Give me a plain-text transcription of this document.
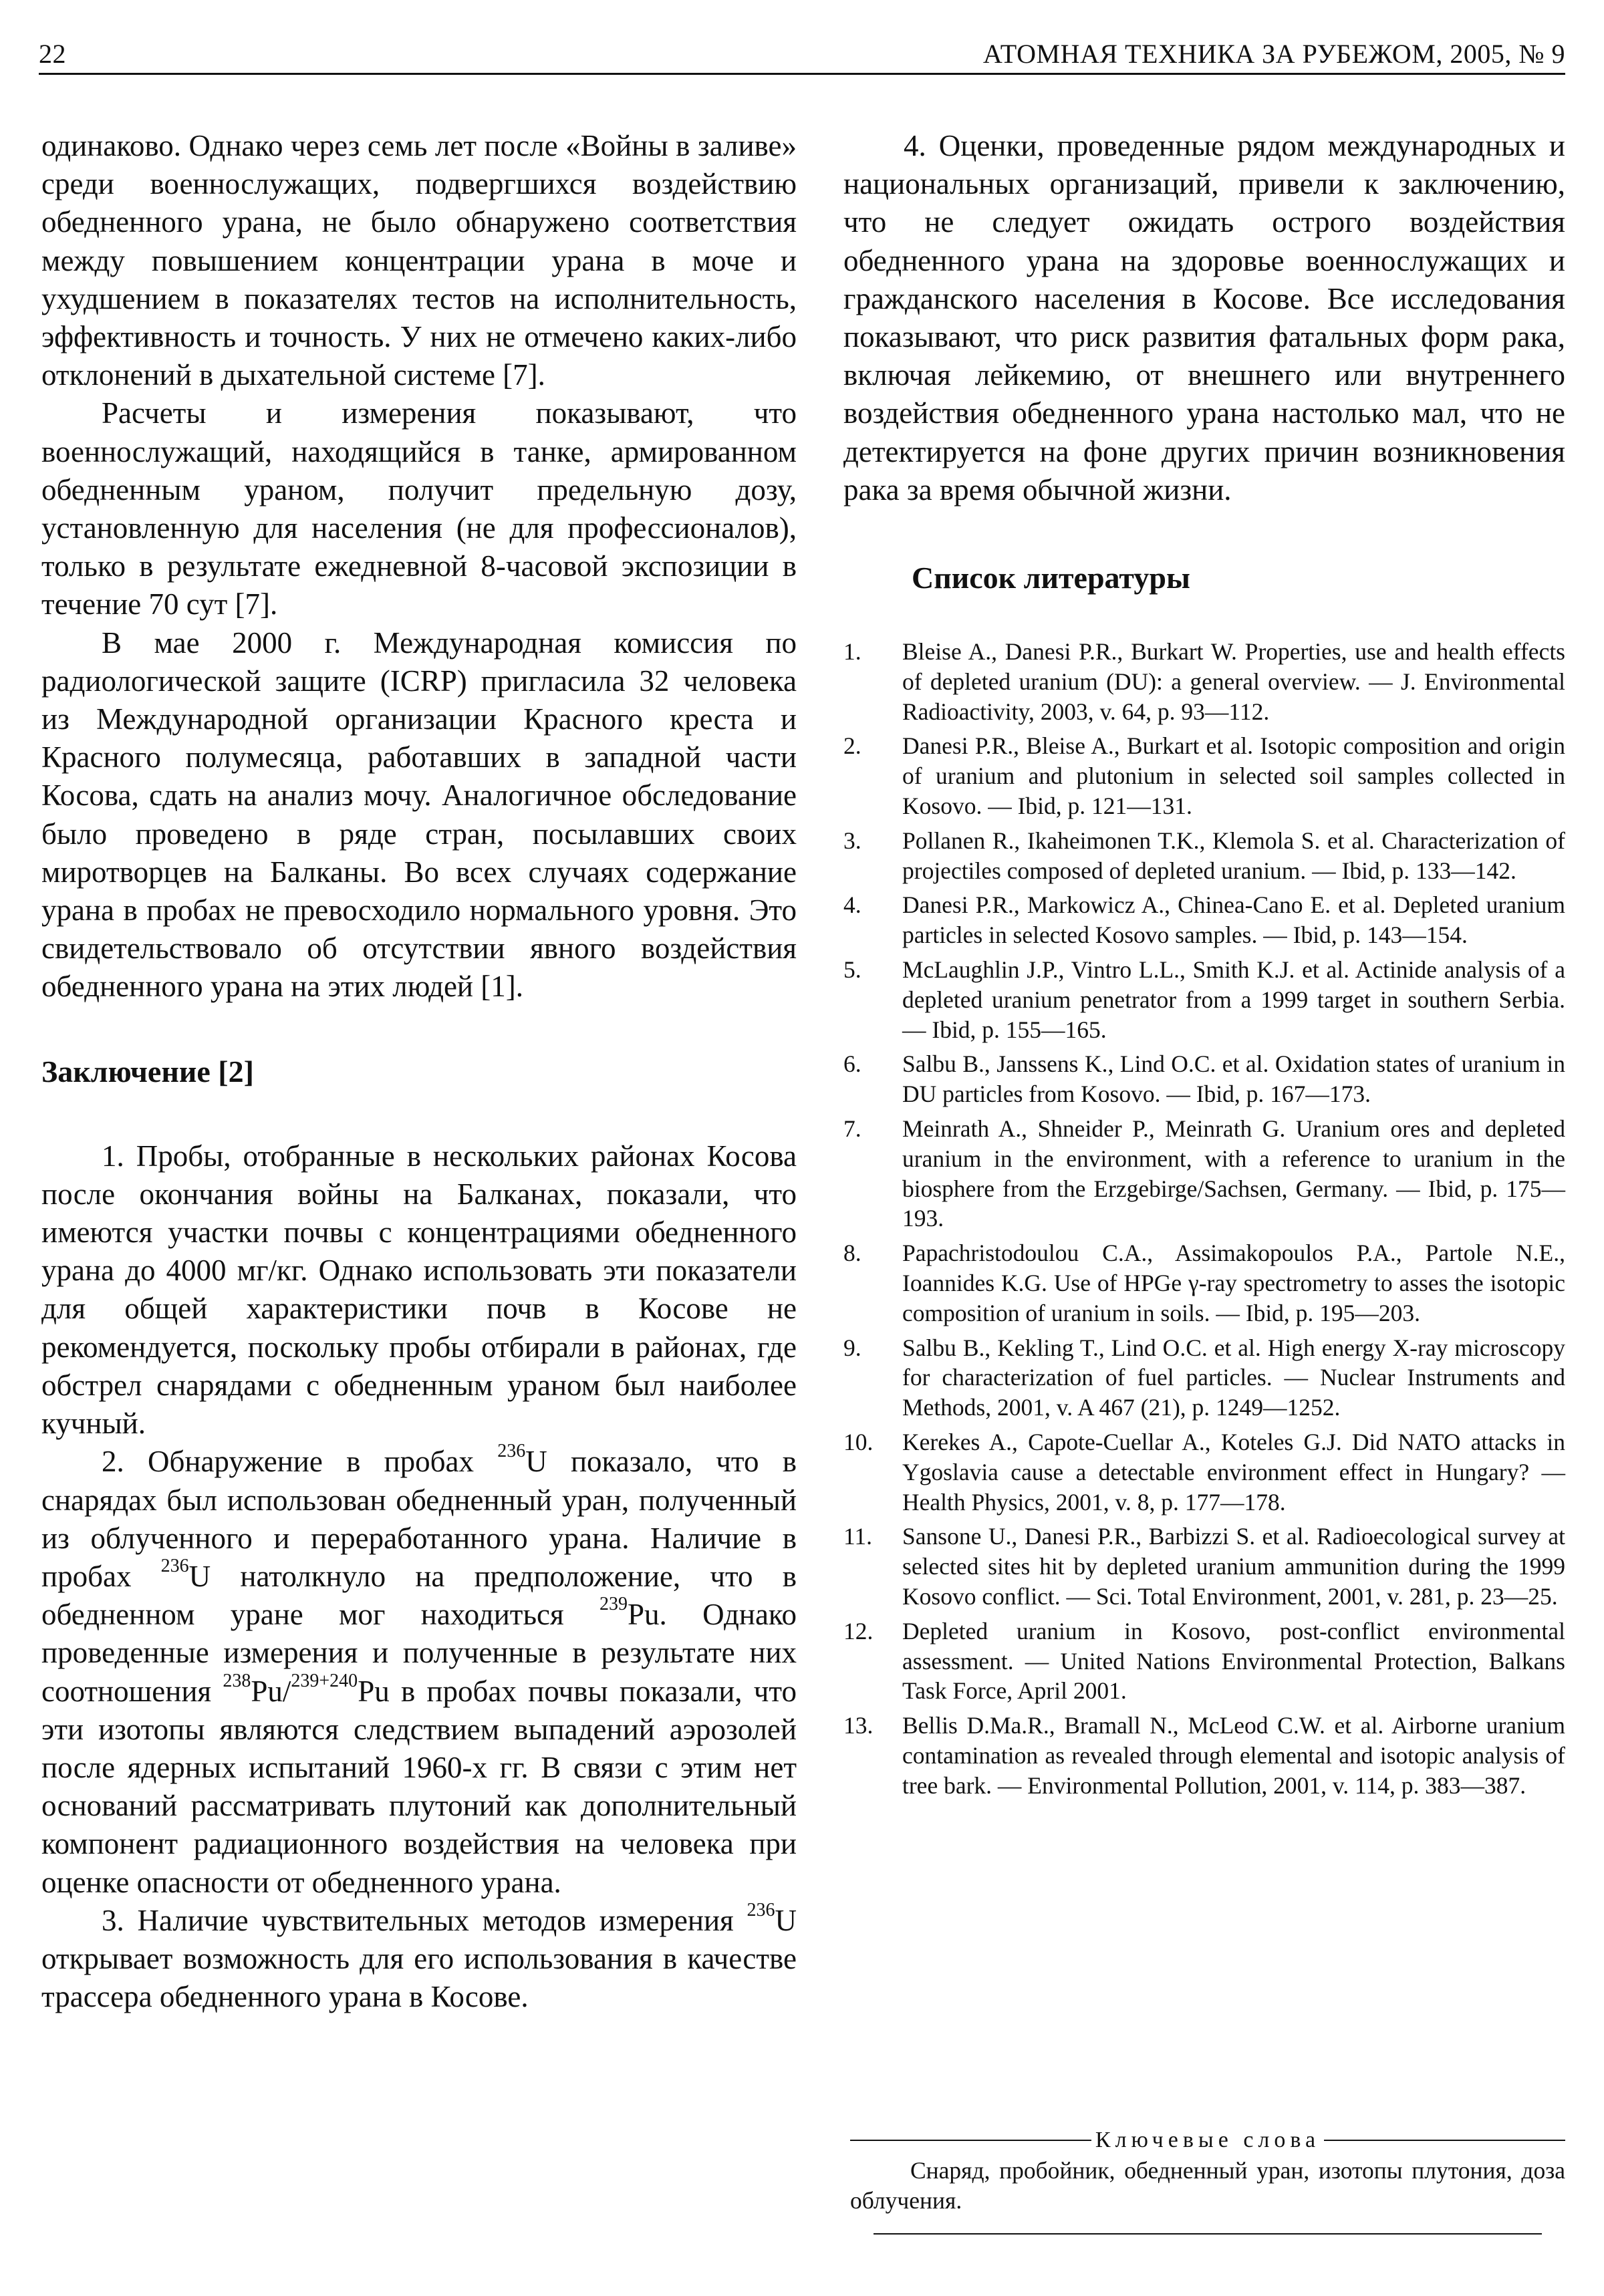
22	АТОМНАЯ ТЕХНИКА ЗА РУБЕЖОМ, 2005, № 9

одинаково. Однако через семь лет после «Войны в заливе» среди военнослужащих, подвергшихся воздействию обедненного урана, не было обнаружено соответствия между повышением концентрации урана в моче и ухудшением в показателях тестов на исполнительность, эффективность и точность. У них не отмечено каких-либо отклонений в дыхательной системе [7].

Расчеты и измерения показывают, что военнослужащий, находящийся в танке, армированном обедненным ураном, получит предельную дозу, установленную для населения (не для профессионалов), только в результате ежедневной 8-часовой экспозиции в течение 70 сут [7].

В мае 2000 г. Международная комиссия по радиологической защите (ICRP) пригласила 32 человека из Международной организации Красного креста и Красного полумесяца, работавших в западной части Косова, сдать на анализ мочу. Аналогичное обследование было проведено в ряде стран, посылавших своих миротворцев на Балканы. Во всех случаях содержание урана в пробах не превосходило нормального уровня. Это свидетельствовало об отсутствии явного воздействия обедненного урана на этих людей [1].

Заключение [2]

1. Пробы, отобранные в нескольких районах Косова после окончания войны на Балканах, показали, что имеются участки почвы с концентрациями обедненного урана до 4000 мг/кг. Однако использовать эти показатели для общей характеристики почв в Косове не рекомендуется, поскольку пробы отбирали в районах, где обстрел снарядами с обедненным ураном был наиболее кучный.

2. Обнаружение в пробах $^{236}$U показало, что в снарядах был использован обедненный уран, полученный из облученного и переработанного урана. Наличие в пробах $^{236}$U натолкнуло на предположение, что в обедненном уране мог находиться $^{239}$Pu. Однако проведенные измерения и полученные в результате них соотношения $^{238}$Pu/$^{239+240}$Pu в пробах почвы показали, что эти изотопы являются следствием выпадений аэрозолей после ядерных испытаний 1960-х гг. В связи с этим нет оснований рассматривать плутоний как дополнительный компонент радиационного воздействия на человека при оценке опасности от обедненного урана.

3. Наличие чувствительных методов измерения $^{236}$U открывает возможность для его использования в качестве трассера обедненного урана в Косове.

4. Оценки, проведенные рядом международных и национальных организаций, привели к заключению, что не следует ожидать острого воздействия обедненного урана на здоровье военнослужащих и гражданского населения в Косове. Все исследования показывают, что риск развития фатальных форм рака, включая лейкемию, от внешнего или внутреннего воздействия обедненного урана настолько мал, что не детектируется на фоне других причин возникновения рака за время обычной жизни.

Список литературы
1.	Bleise A., Danesi P.R., Burkart W. Properties, use and health effects of depleted uranium (DU): a general overview. — J. Environmental Radioactivity, 2003, v. 64, p. 93—112.
2.	Danesi P.R., Bleise A., Burkart et al. Isotopic composition and origin of uranium and plutonium in selected soil samples collected in Kosovo. — Ibid, p. 121—131.
3.	Pollanen R., Ikaheimonen T.K., Klemola S. et al. Characterization of projectiles composed of depleted uranium. — Ibid, p. 133—142.
4.	Danesi P.R., Markowicz A., Chinea-Cano E. et al. Depleted uranium particles in selected Kosovo samples. — Ibid, p. 143—154.
5.	McLaughlin J.P., Vintro L.L., Smith K.J. et al. Actinide analysis of a depleted uranium penetrator from a 1999 target in southern Serbia. — Ibid, p. 155—165.
6.	Salbu B., Janssens K., Lind O.C. et al. Oxidation states of uranium in DU particles from Kosovo. — Ibid, p. 167—173.
7.	Meinrath A., Shneider P., Meinrath G. Uranium ores and depleted uranium in the environment, with a reference to uranium in the biosphere from the Erzgebirge/Sachsen, Germany. — Ibid, p. 175—193.
8.	Papachristodoulou C.A., Assimakopoulos P.A., Partole N.E., Ioannides K.G. Use of HPGe γ-ray spectrometry to asses the isotopic composition of uranium in soils. — Ibid, p. 195—203.
9.	Salbu B., Kekling T., Lind O.C. et al. High energy X-ray microscopy for characterization of fuel particles. — Nuclear Instruments and Methods, 2001, v. A 467 (21), p. 1249—1252.
10.	Kerekes A., Capote-Cuellar A., Koteles G.J. Did NATO attacks in Ygoslavia cause a detectable environment effect in Hungary? — Health Physics, 2001, v. 8, p. 177—178.
11.	Sansone U., Danesi P.R., Barbizzi S. et al. Radioecological survey at selected sites hit by depleted uranium ammunition during the 1999 Kosovo conflict. — Sci. Total Environment, 2001, v. 281, p. 23—25.
12.	Depleted uranium in Kosovo, post-conflict environmental assessment. — United Nations Environmental Protection, Balkans Task Force, April 2001.
13.	Bellis D.Ma.R., Bramall N., McLeod C.W. et al. Airborne uranium contamination as revealed through elemental and isotopic analysis of tree bark. — Environmental Pollution, 2001, v. 114, p. 383—387.
Ключевые слова
Снаряд, пробойник, обедненный уран, изотопы плутония, доза облучения.
